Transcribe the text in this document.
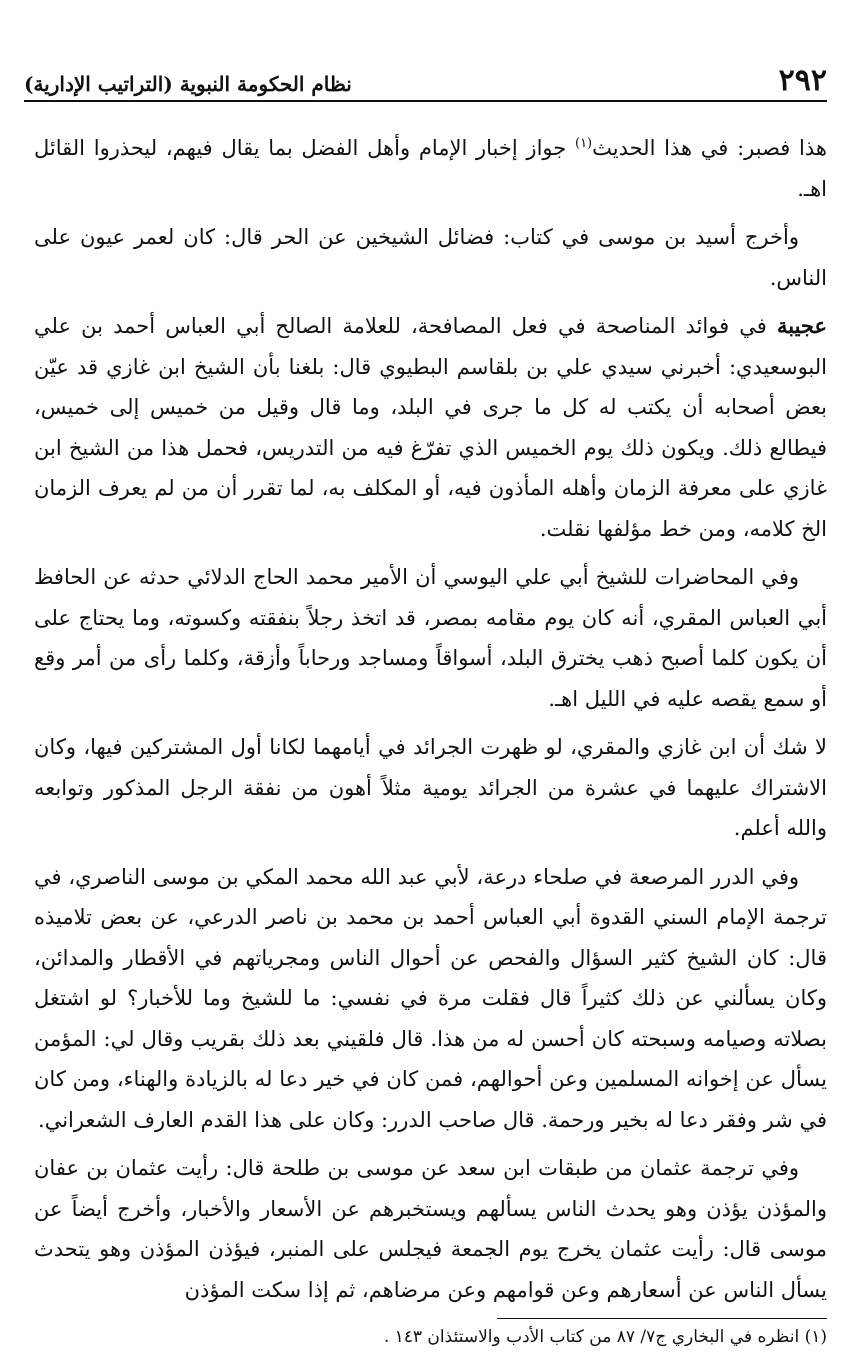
٢٩٢
نظام الحكومة النبوية (التراتيب الإدارية)

هذا فصبر: في هذا الحديث$^{(١)}$ جواز إخبار الإمام وأهل الفضل بما يقال فيهم، ليحذروا القائل اهـ.

وأخرج أسيد بن موسى في كتاب: فضائل الشيخين عن الحر قال: كان لعمر عيون على الناس.

عجيبة في فوائد المناصحة في فعل المصافحة، للعلامة الصالح أبي العباس أحمد بن علي البوسعيدي: أخبرني سيدي علي بن بلقاسم البطيوي قال: بلغنا بأن الشيخ ابن غازي قد عيّن بعض أصحابه أن يكتب له كل ما جرى في البلد، وما قال وقيل من خميس إلى خميس، فيطالع ذلك. ويكون ذلك يوم الخميس الذي تفرّغ فيه من التدريس، فحمل هذا من الشيخ ابن غازي على معرفة الزمان وأهله المأذون فيه، أو المكلف به، لما تقرر أن من لم يعرف الزمان الخ كلامه، ومن خط مؤلفها نقلت.

وفي المحاضرات للشيخ أبي علي اليوسي أن الأمير محمد الحاج الدلائي حدثه عن الحافظ أبي العباس المقري، أنه كان يوم مقامه بمصر، قد اتخذ رجلاً بنفقته وكسوته، وما يحتاج على أن يكون كلما أصبح ذهب يخترق البلد، أسواقاً ومساجد ورحاباً وأزقة، وكلما رأى من أمر وقع أو سمع يقصه عليه في الليل اهـ.

لا شك أن ابن غازي والمقري، لو ظهرت الجرائد في أيامهما لكانا أول المشتركين فيها، وكان الاشتراك عليهما في عشرة من الجرائد يومية مثلاً أهون من نفقة الرجل المذكور وتوابعه والله أعلم.

وفي الدرر المرصعة في صلحاء درعة، لأبي عبد الله محمد المكي بن موسى الناصري، في ترجمة الإمام السني القدوة أبي العباس أحمد بن محمد بن ناصر الدرعي، عن بعض تلاميذه قال: كان الشيخ كثير السؤال والفحص عن أحوال الناس ومجرياتهم في الأقطار والمدائن، وكان يسألني عن ذلك كثيراً قال فقلت مرة في نفسي: ما للشيخ وما للأخبار؟ لو اشتغل بصلاته وصيامه وسبحته كان أحسن له من هذا. قال فلقيني بعد ذلك بقريب وقال لي: المؤمن يسأل عن إخوانه المسلمين وعن أحوالهم، فمن كان في خير دعا له بالزيادة والهناء، ومن كان في شر وفقر دعا له بخير ورحمة. قال صاحب الدرر: وكان على هذا القدم العارف الشعراني.

وفي ترجمة عثمان من طبقات ابن سعد عن موسى بن طلحة قال: رأيت عثمان بن عفان والمؤذن يؤذن وهو يحدث الناس يسألهم ويستخبرهم عن الأسعار والأخبار، وأخرج أيضاً عن موسى قال: رأيت عثمان يخرج يوم الجمعة فيجلس على المنبر، فيؤذن المؤذن وهو يتحدث يسأل الناس عن أسعارهم وعن قوامهم وعن مرضاهم، ثم إذا سكت المؤذن

(١) انظره في البخاري ج٧/ ٨٧ من كتاب الأدب والاستئذان ١٤٣ .
